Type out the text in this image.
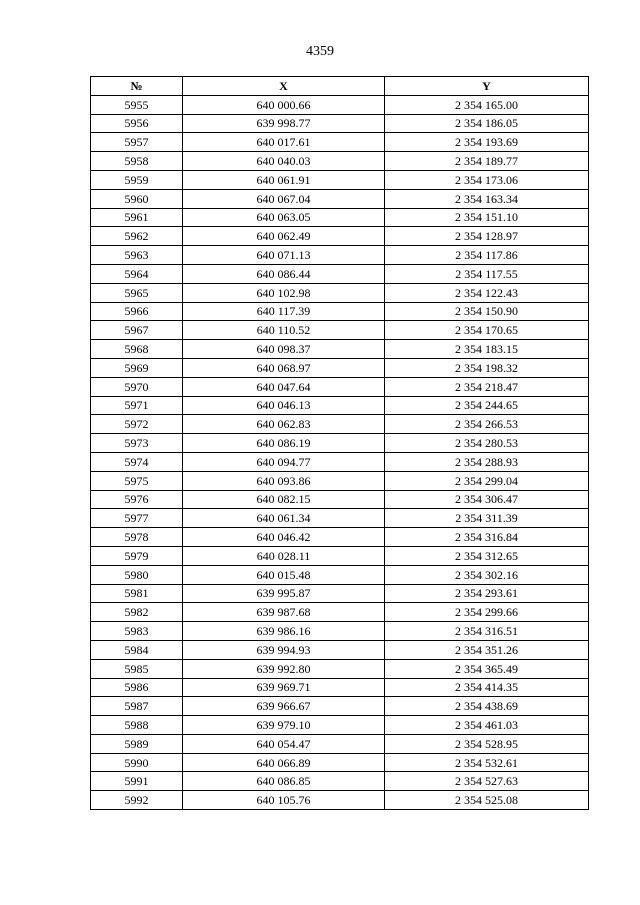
4359
№	X	Y
5955	640 000.66	2 354 165.00
5956	639 998.77	2 354 186.05
5957	640 017.61	2 354 193.69
5958	640 040.03	2 354 189.77
5959	640 061.91	2 354 173.06
5960	640 067.04	2 354 163.34
5961	640 063.05	2 354 151.10
5962	640 062.49	2 354 128.97
5963	640 071.13	2 354 117.86
5964	640 086.44	2 354 117.55
5965	640 102.98	2 354 122.43
5966	640 117.39	2 354 150.90
5967	640 110.52	2 354 170.65
5968	640 098.37	2 354 183.15
5969	640 068.97	2 354 198.32
5970	640 047.64	2 354 218.47
5971	640 046.13	2 354 244.65
5972	640 062.83	2 354 266.53
5973	640 086.19	2 354 280.53
5974	640 094.77	2 354 288.93
5975	640 093.86	2 354 299.04
5976	640 082.15	2 354 306.47
5977	640 061.34	2 354 311.39
5978	640 046.42	2 354 316.84
5979	640 028.11	2 354 312.65
5980	640 015.48	2 354 302.16
5981	639 995.87	2 354 293.61
5982	639 987.68	2 354 299.66
5983	639 986.16	2 354 316.51
5984	639 994.93	2 354 351.26
5985	639 992.80	2 354 365.49
5986	639 969.71	2 354 414.35
5987	639 966.67	2 354 438.69
5988	639 979.10	2 354 461.03
5989	640 054.47	2 354 528.95
5990	640 066.89	2 354 532.61
5991	640 086.85	2 354 527.63
5992	640 105.76	2 354 525.08
